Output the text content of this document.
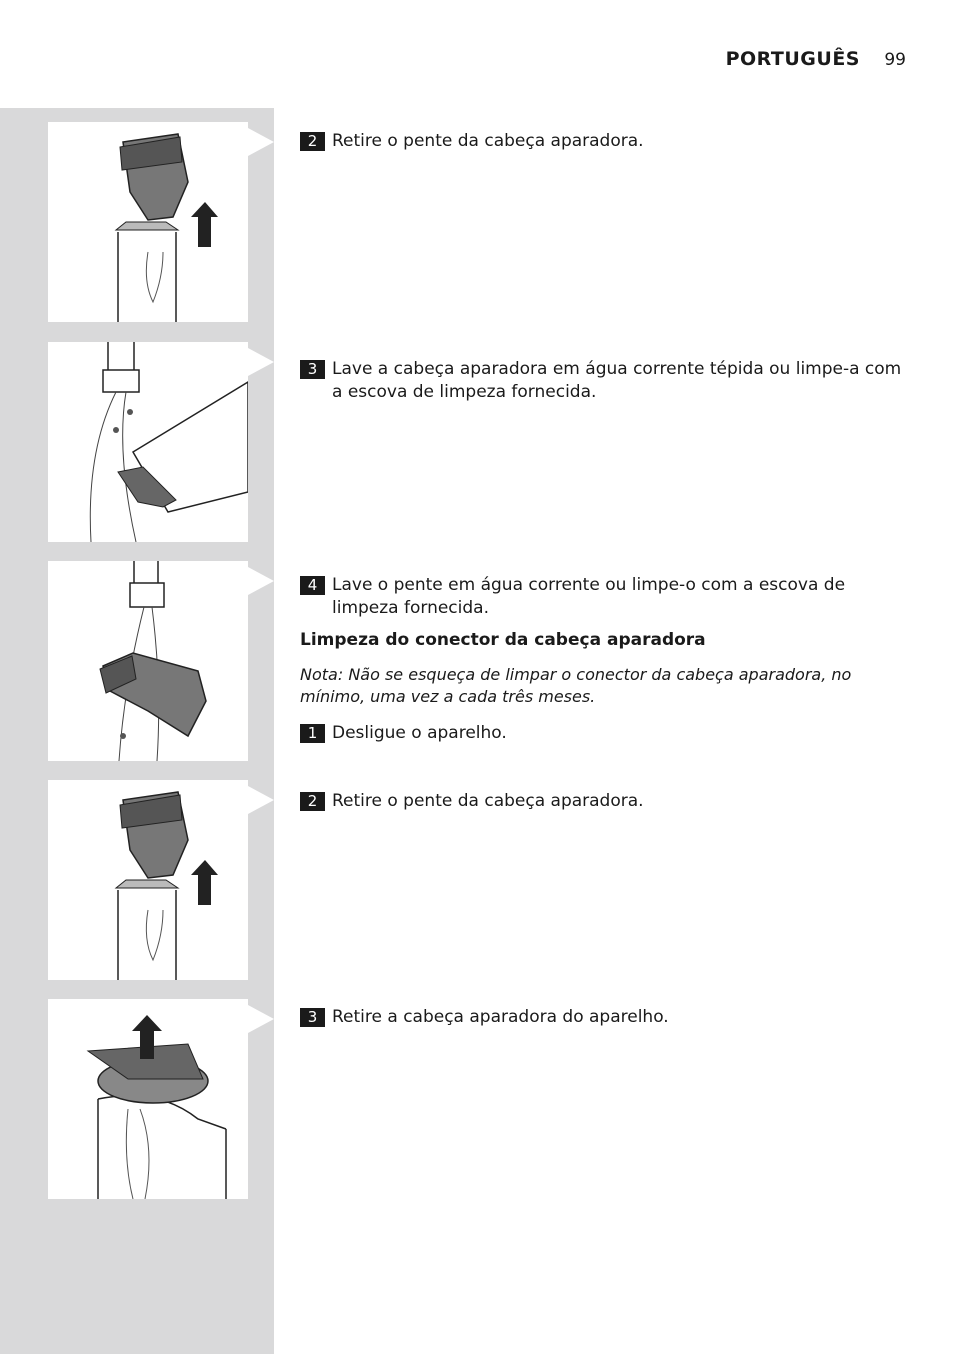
PORTUGUÊS 99
2 Retire o pente da cabeça aparadora.
3 Lave a cabeça aparadora em água corrente tépida ou limpe-a com a escova de limpeza fornecida.
4 Lave o pente em água corrente ou limpe-o com a escova de limpeza fornecida.
Limpeza do conector da cabeça aparadora
Nota: Não se esqueça de limpar o conector da cabeça aparadora, no mínimo, uma vez a cada três meses.
1 Desligue o aparelho.
2 Retire o pente da cabeça aparadora.
3 Retire a cabeça aparadora do aparelho.
